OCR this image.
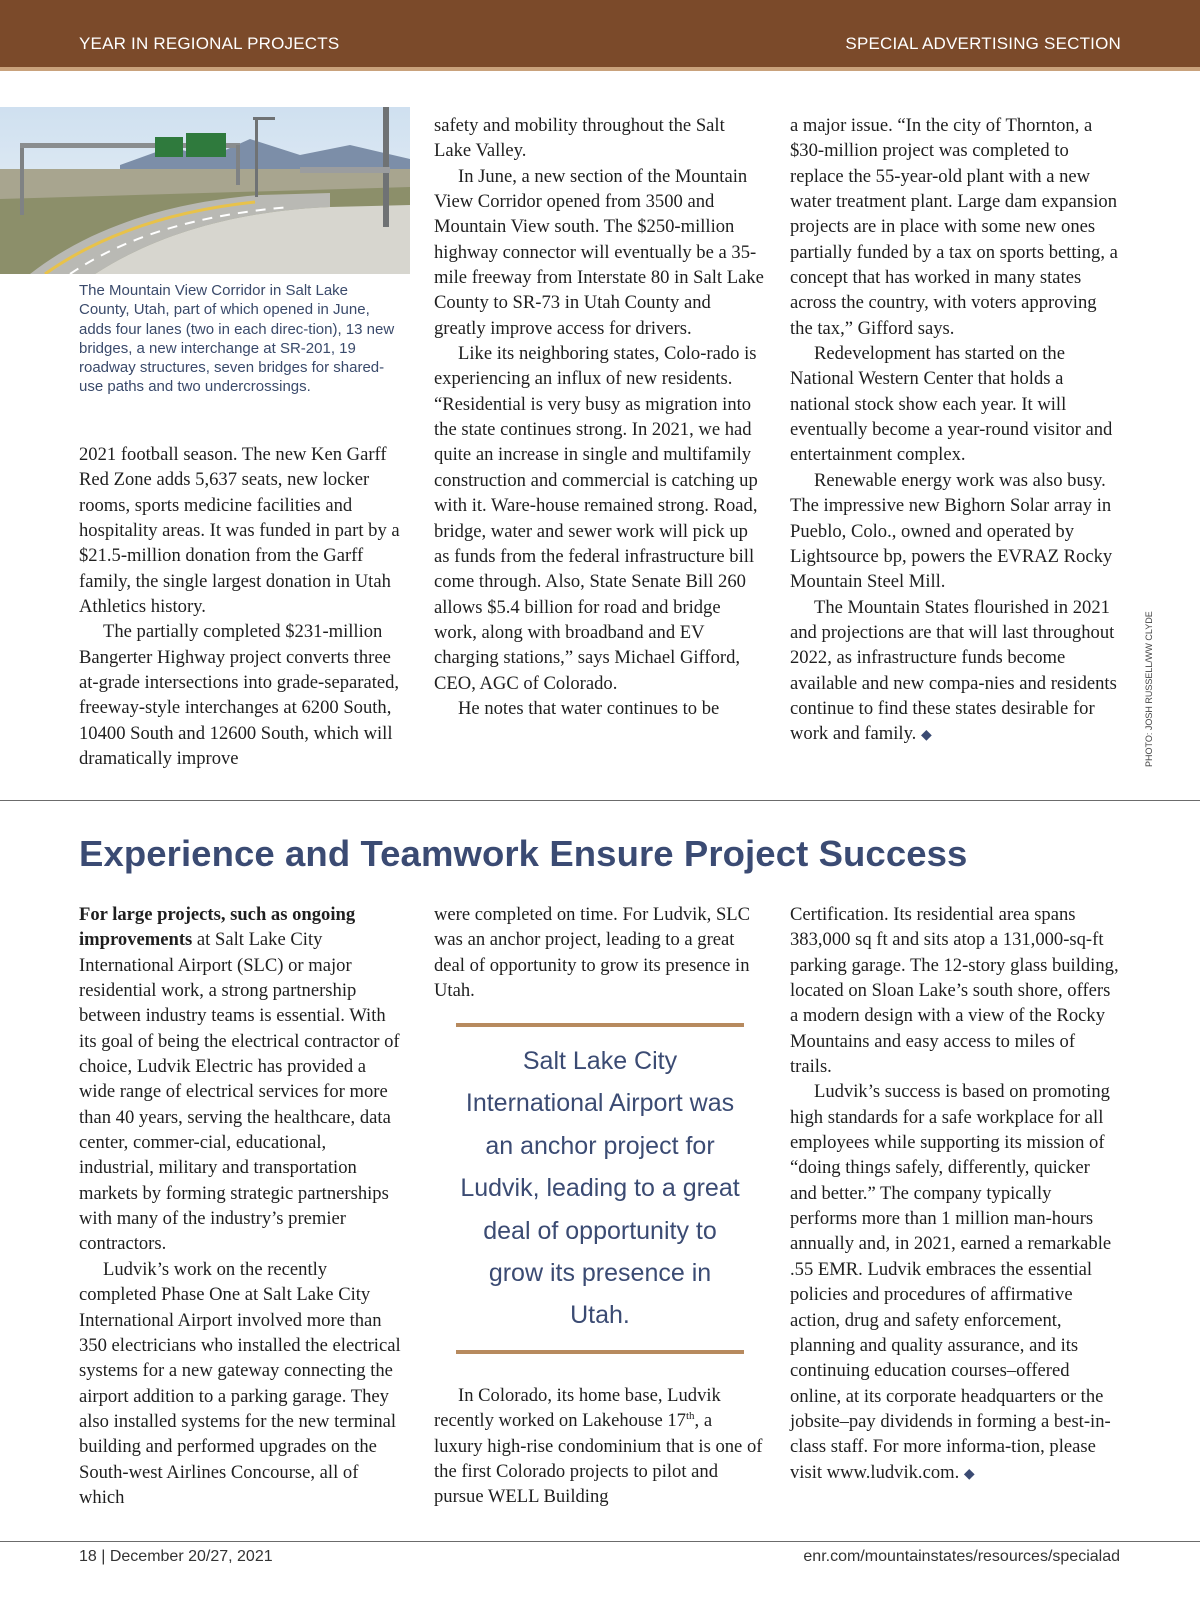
YEAR IN REGIONAL PROJECTS	SPECIAL ADVERTISING SECTION
The Mountain View Corridor in Salt Lake County, Utah, part of which opened in June, adds four lanes (two in each direc-tion), 13 new bridges, a new interchange at SR-201, 19 roadway structures, seven bridges for shared-use paths and two undercrossings.
PHOTO: JOSH RUSSELL/WW CLYDE

2021 football season. The new Ken Garff Red Zone adds 5,637 seats, new locker rooms, sports medicine facilities and hospitality areas. It was funded in part by a $21.5-million donation from the Garff family, the single largest donation in Utah Athletics history.

The partially completed $231-million Bangerter Highway project converts three at-grade intersections into grade-separated, freeway-style interchanges at 6200 South, 10400 South and 12600 South, which will dramatically improve

safety and mobility throughout the Salt Lake Valley.

In June, a new section of the Mountain View Corridor opened from 3500 and Mountain View south. The $250-million highway connector will eventually be a 35-mile freeway from Interstate 80 in Salt Lake County to SR-73 in Utah County and greatly improve access for drivers.

Like its neighboring states, Colo-rado is experiencing an influx of new residents. “Residential is very busy as migration into the state continues strong. In 2021, we had quite an increase in single and multifamily construction and commercial is catching up with it. Ware-house remained strong. Road, bridge, water and sewer work will pick up as funds from the federal infrastructure bill come through. Also, State Senate Bill 260 allows $5.4 billion for road and bridge work, along with broadband and EV charging stations,” says Michael Gifford, CEO, AGC of Colorado.

He notes that water continues to be

a major issue. “In the city of Thornton, a $30-million project was completed to replace the 55-year-old plant with a new water treatment plant. Large dam expansion projects are in place with some new ones partially funded by a tax on sports betting, a concept that has worked in many states across the country, with voters approving the tax,” Gifford says.

Redevelopment has started on the National Western Center that holds a national stock show each year. It will eventually become a year-round visitor and entertainment complex.

Renewable energy work was also busy. The impressive new Bighorn Solar array in Pueblo, Colo., owned and operated by Lightsource bp, powers the EVRAZ Rocky Mountain Steel Mill.

The Mountain States flourished in 2021 and projections are that will last throughout 2022, as infrastructure funds become available and new compa-nies and residents continue to find these states desirable for work and family. ◆

Experience and Teamwork Ensure Project Success

For large projects, such as ongoing improvements at Salt Lake City International Airport (SLC) or major residential work, a strong partnership between industry teams is essential. With its goal of being the electrical contractor of choice, Ludvik Electric has provided a wide range of electrical services for more than 40 years, serving the healthcare, data center, commer-cial, educational, industrial, military and transportation markets by forming strategic partnerships with many of the industry’s premier contractors.

Ludvik’s work on the recently completed Phase One at Salt Lake City International Airport involved more than 350 electricians who installed the electrical systems for a new gateway connecting the airport addition to a parking garage. They also installed systems for the new terminal building and performed upgrades on the South-west Airlines Concourse, all of which

were completed on time. For Ludvik, SLC was an anchor project, leading to a great deal of opportunity to grow its presence in Utah.

Salt Lake City International Airport was an anchor project for Ludvik, leading to a great deal of opportunity to grow its presence in Utah.

In Colorado, its home base, Ludvik recently worked on Lakehouse 17th, a luxury high-rise condominium that is one of the first Colorado projects to pilot and pursue WELL Building

Certification. Its residential area spans 383,000 sq ft and sits atop a 131,000-sq-ft parking garage. The 12-story glass building, located on Sloan Lake’s south shore, offers a modern design with a view of the Rocky Mountains and easy access to miles of trails.

Ludvik’s success is based on promoting high standards for a safe workplace for all employees while supporting its mission of “doing things safely, differently, quicker and better.” The company typically performs more than 1 million man-hours annually and, in 2021, earned a remarkable .55 EMR. Ludvik embraces the essential policies and procedures of affirmative action, drug and safety enforcement, planning and quality assurance, and its continuing education courses–offered online, at its corporate headquarters or the jobsite–pay dividends in forming a best-in-class staff. For more informa-tion, please visit www.ludvik.com. ◆

18 | December 20/27, 2021	enr.com/mountainstates/resources/specialad
